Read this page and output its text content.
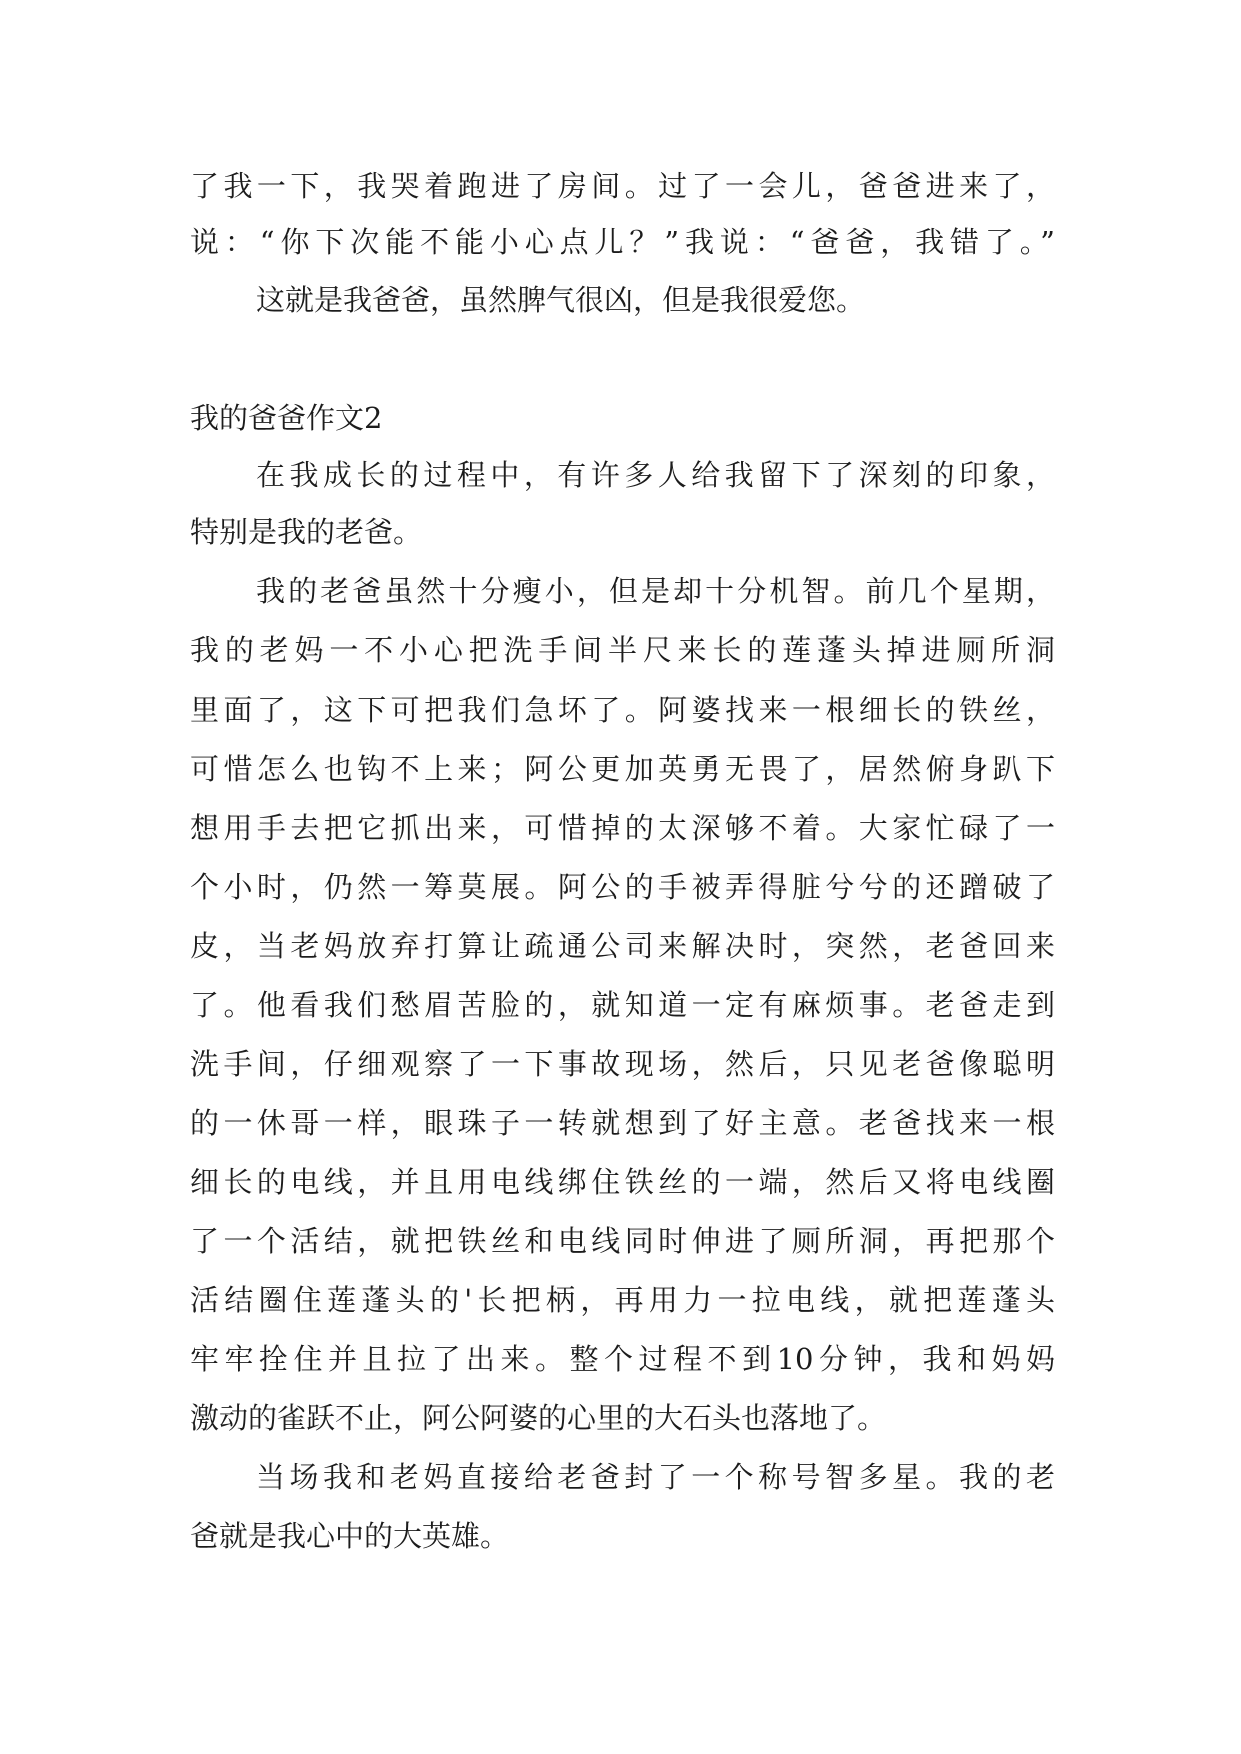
了我一下，我哭着跑进了房间。过了一会儿，爸爸进来了，

说：“你下次能不能小心点儿？”我说：“爸爸，我错了。”

这就是我爸爸，虽然脾气很凶，但是我很爱您。

我的爸爸作文2

在我成长的过程中，有许多人给我留下了深刻的印象，

特别是我的老爸。

我的老爸虽然十分瘦小，但是却十分机智。前几个星期，

我的老妈一不小心把洗手间半尺来长的莲蓬头掉进厕所洞

里面了，这下可把我们急坏了。阿婆找来一根细长的铁丝，

可惜怎么也钩不上来；阿公更加英勇无畏了，居然俯身趴下

想用手去把它抓出来，可惜掉的太深够不着。大家忙碌了一

个小时，仍然一筹莫展。阿公的手被弄得脏兮兮的还蹭破了

皮，当老妈放弃打算让疏通公司来解决时，突然，老爸回来

了。他看我们愁眉苦脸的，就知道一定有麻烦事。老爸走到

洗手间，仔细观察了一下事故现场，然后，只见老爸像聪明

的一休哥一样，眼珠子一转就想到了好主意。老爸找来一根

细长的电线，并且用电线绑住铁丝的一端，然后又将电线圈

了一个活结，就把铁丝和电线同时伸进了厕所洞，再把那个

活结圈住莲蓬头的'长把柄，再用力一拉电线，就把莲蓬头

牢牢拴住并且拉了出来。整个过程不到10分钟，我和妈妈

激动的雀跃不止，阿公阿婆的心里的大石头也落地了。

当场我和老妈直接给老爸封了一个称号智多星。我的老

爸就是我心中的大英雄。
